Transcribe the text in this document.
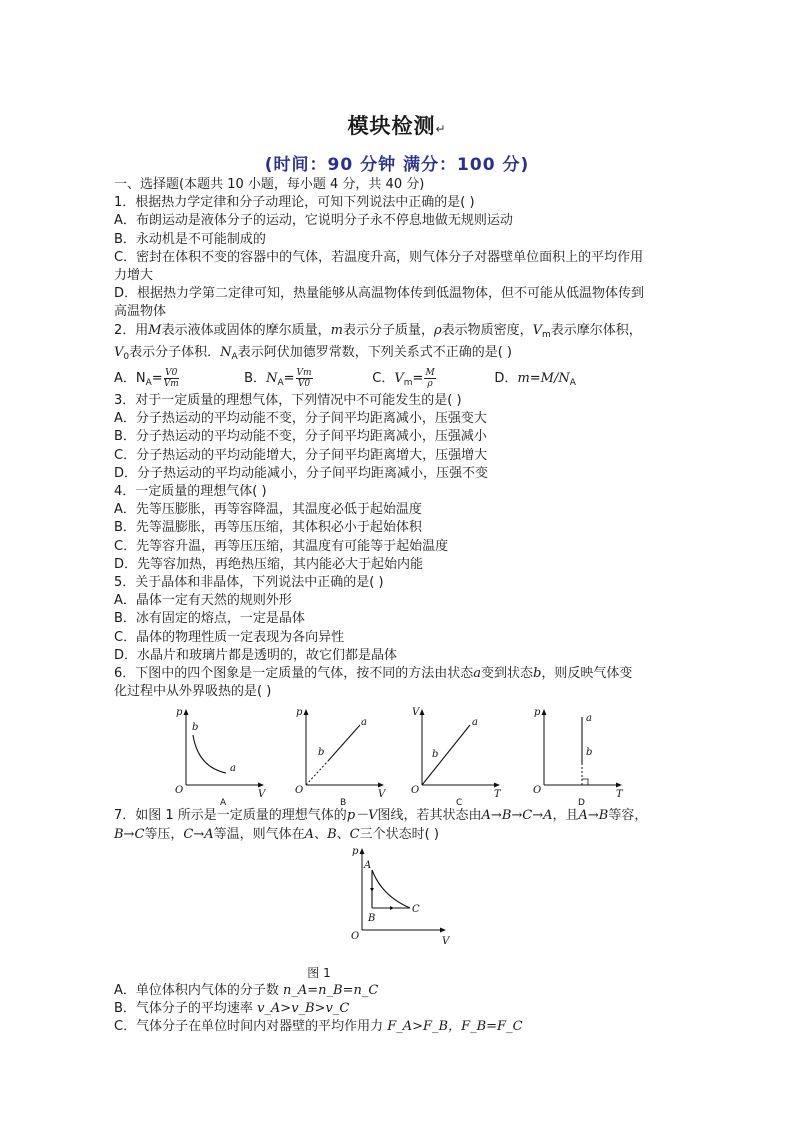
模块检测↵
(时间：90 分钟 满分：100 分)

一、选择题(本题共 10 小题，每小题 4 分，共 40 分)

1．根据热力学定律和分子动理论，可知下列说法中正确的是( )

A．布朗运动是液体分子的运动，它说明分子永不停息地做无规则运动

B．永动机是不可能制成的

C．密封在体积不变的容器中的气体，若温度升高，则气体分子对器壁单位面积上的平均作用

力增大

D．根据热力学第二定律可知，热量能够从高温物体传到低温物体，但不可能从低温物体传到

高温物体

2．用M表示液体或固体的摩尔质量，m表示分子质量，ρ表示物质密度，$V_m$表示摩尔体积，

$V_0$表示分子体积．$N_A$表示阿伏加德罗常数，下列关系式不正确的是( )

A．$N_A= \frac{V0}{Vm}$	B．$N_A= \frac{Vm}{V0}$	C．$V_m= \frac{M}{\rho}$	D．$m=M/N_A$

3．对于一定质量的理想气体，下列情况中不可能发生的是( )

A．分子热运动的平均动能不变，分子间平均距离减小，压强变大

B．分子热运动的平均动能不变，分子间平均距离减小，压强减小

C．分子热运动的平均动能增大，分子间平均距离增大，压强增大

D．分子热运动的平均动能减小，分子间平均距离减小，压强不变

4．一定质量的理想气体( )

A．先等压膨胀，再等容降温，其温度必低于起始温度

B．先等温膨胀，再等压压缩，其体积必小于起始体积

C．先等容升温，再等压压缩，其温度有可能等于起始温度

D．先等容加热，再绝热压缩，其内能必大于起始内能

5．关于晶体和非晶体，下列说法中正确的是( )

A．晶体一定有天然的规则外形

B．冰有固定的熔点，一定是晶体

C．晶体的物理性质一定表现为各向异性

D．水晶片和玻璃片都是透明的，故它们都是晶体

6．下图中的四个图象是一定质量的气体，按不同的方法由状态a变到状态b，则反映气体变

化过程中从外界吸热的是( )

p
V
O
b
a
A
p
V
O
b
a
B
V
T
O
b
a
C
p
T
O
b
a
D

7．如图 1 所示是一定质量的理想气体的p－V图线，若其状态由A→B→C→A，且A→B等容，

B→C等压，C→A等温，则气体在A、B、C三个状态时( )

p
V
O
A
B
C
图 1

A．单位体积内气体的分子数 n_A=n_B=n_C

B．气体分子的平均速率 v_A>v_B>v_C

C．气体分子在单位时间内对器壁的平均作用力 F_A>F_B，F_B=F_C
